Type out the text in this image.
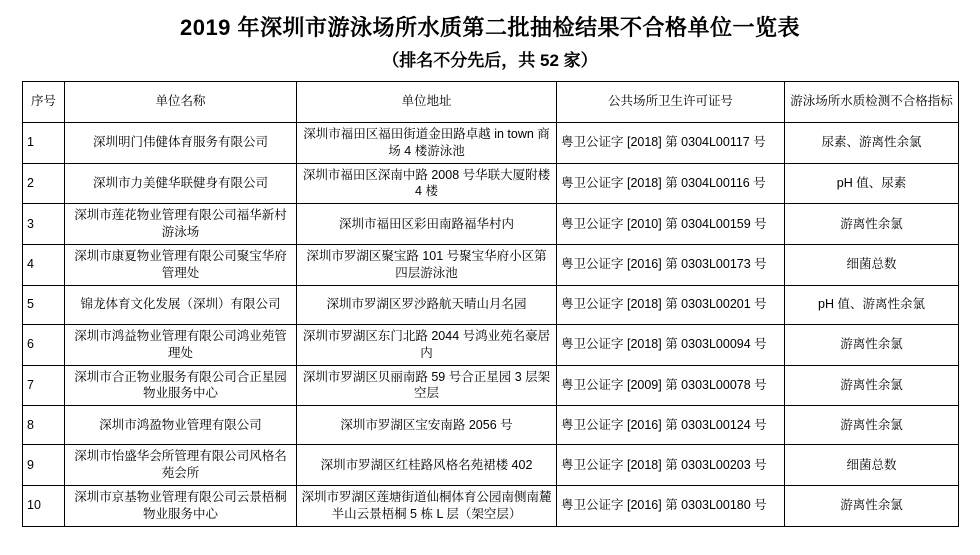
2019 年深圳市游泳场所水质第二批抽检结果不合格单位一览表
（排名不分先后，共 52 家）
序号	单位名称	单位地址	公共场所卫生许可证号	游泳场所水质检测不合格指标
1	深圳明门伟健体育服务有限公司	深圳市福田区福田街道金田路卓越 in town 商场 4 楼游泳池	粤卫公证字 [2018] 第 0304L00117 号	尿素、游离性余氯
2	深圳市力美健华联健身有限公司	深圳市福田区深南中路 2008 号华联大厦附楼 4 楼	粤卫公证字 [2018] 第 0304L00116 号	pH 值、尿素
3	深圳市莲花物业管理有限公司福华新村游泳场	深圳市福田区彩田南路福华村内	粤卫公证字 [2010] 第 0304L00159 号	游离性余氯
4	深圳市康夏物业管理有限公司聚宝华府管理处	深圳市罗湖区聚宝路 101 号聚宝华府小区第四层游泳池	粤卫公证字 [2016] 第 0303L00173 号	细菌总数
5	锦龙体育文化发展（深圳）有限公司	深圳市罗湖区罗沙路航天晴山月名园	粤卫公证字 [2018] 第 0303L00201 号	pH 值、游离性余氯
6	深圳市鸿益物业管理有限公司鸿业苑管理处	深圳市罗湖区东门北路 2044 号鸿业苑名豪居内	粤卫公证字 [2018] 第 0303L00094 号	游离性余氯
7	深圳市合正物业服务有限公司合正星园物业服务中心	深圳市罗湖区贝丽南路 59 号合正星园 3 层架空层	粤卫公证字 [2009] 第 0303L00078 号	游离性余氯
8	深圳市鸿盈物业管理有限公司	深圳市罗湖区宝安南路 2056 号	粤卫公证字 [2016] 第 0303L00124 号	游离性余氯
9	深圳市怡盛华会所管理有限公司风格名苑会所	深圳市罗湖区红桂路风格名苑裙楼 402	粤卫公证字 [2018] 第 0303L00203 号	细菌总数
10	深圳市京基物业管理有限公司云景梧桐物业服务中心	深圳市罗湖区莲塘街道仙桐体育公园南侧南麓半山云景梧桐 5 栋 L 层（架空层）	粤卫公证字 [2016] 第 0303L00180 号	游离性余氯
